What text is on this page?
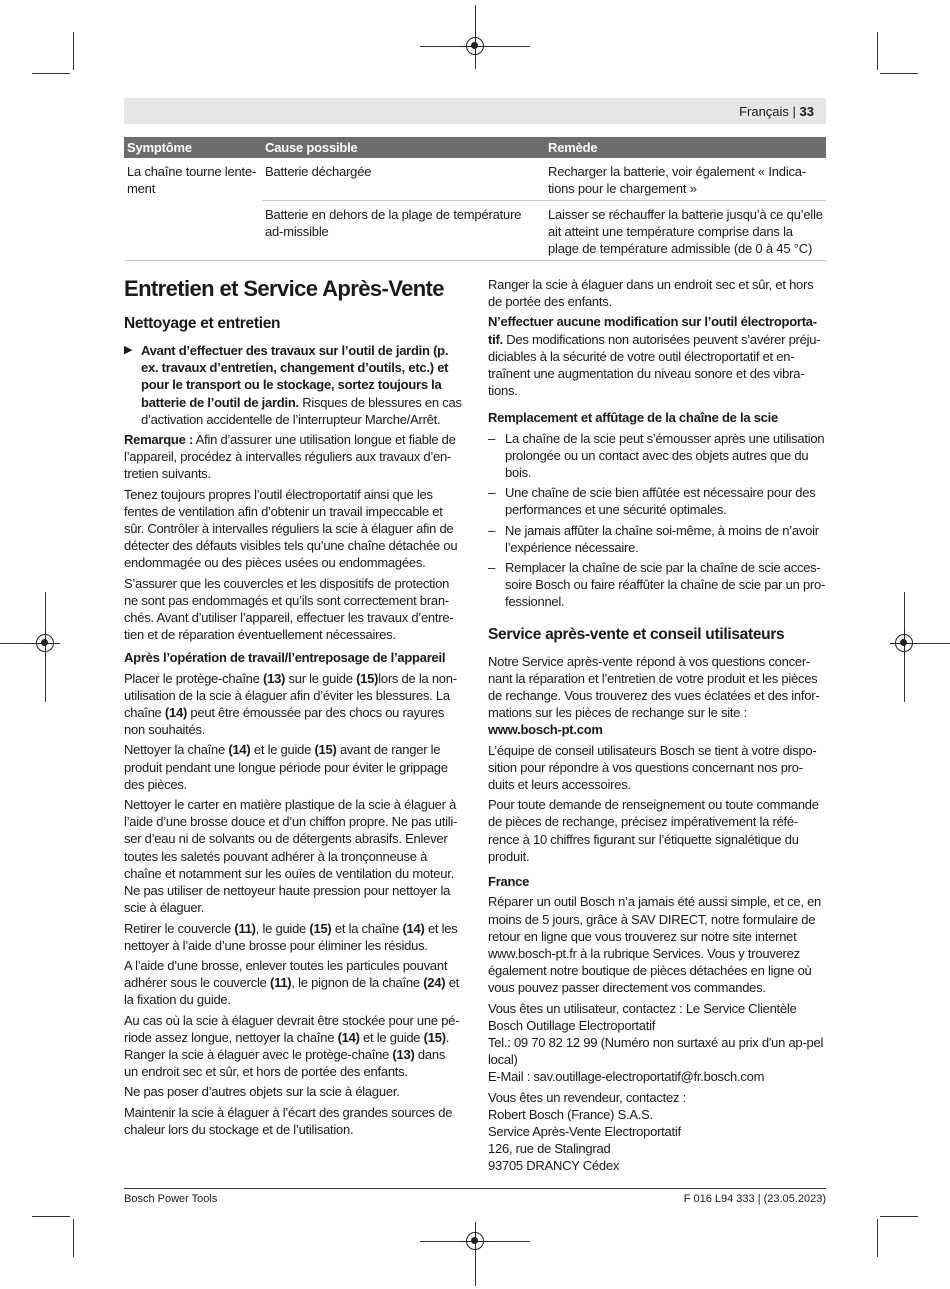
Français | 33
Symptôme	Cause possible	Remède
La chaîne tourne lente-ment	Batterie déchargée	Recharger la batterie, voir également « Indica-tions pour le chargement »
	Batterie en dehors de la plage de température ad-missible	Laisser se réchauffer la batterie jusqu’à ce qu’elle ait atteint une température comprise dans la plage de température admissible (de 0 à 45 °C)
Entretien et Service Après-Vente
Nettoyage et entretien
▶ Avant d’effectuer des travaux sur l’outil de jardin (p. ex. travaux d’entretien, changement d’outils, etc.) et pour le transport ou le stockage, sortez toujours la batterie de l’outil de jardin. Risques de blessures en cas d’activation accidentelle de l’interrupteur Marche/Arrêt.

Remarque : Afin d’assurer une utilisation longue et fiable de l’appareil, procédez à intervalles réguliers aux travaux d’en-tretien suivants.

Tenez toujours propres l’outil électroportatif ainsi que les fentes de ventilation afin d’obtenir un travail impeccable et sûr. Contrôler à intervalles réguliers la scie à élaguer afin de détecter des défauts visibles tels qu’une chaîne détachée ou endommagée ou des pièces usées ou endommagées.

S’assurer que les couvercles et les dispositifs de protection ne sont pas endommagés et qu’ils sont correctement bran-chés. Avant d’utiliser l’appareil, effectuer les travaux d’entre-tien et de réparation éventuellement nécessaires.

Après l’opération de travail/l’entreposage de l’appareil

Placer le protège-chaîne (13) sur le guide (15)lors de la non-utilisation de la scie à élaguer afin d’éviter les blessures. La chaîne (14) peut être émoussée par des chocs ou rayures non souhaités.

Nettoyer la chaîne (14) et le guide (15) avant de ranger le produit pendant une longue période pour éviter le grippage des pièces.

Nettoyer le carter en matière plastique de la scie à élaguer à l’aide d’une brosse douce et d’un chiffon propre. Ne pas utili-ser d’eau ni de solvants ou de détergents abrasifs. Enlever toutes les saletés pouvant adhérer à la tronçonneuse à chaîne et notamment sur les ouïes de ventilation du moteur. Ne pas utiliser de nettoyeur haute pression pour nettoyer la scie à élaguer.

Retirer le couvercle (11), le guide (15) et la chaîne (14) et les nettoyer à l’aide d’une brosse pour éliminer les résidus.

A l’aide d’une brosse, enlever toutes les particules pouvant adhérer sous le couvercle (11), le pignon de la chaîne (24) et la fixation du guide.

Au cas où la scie à élaguer devrait être stockée pour une pé-riode assez longue, nettoyer la chaîne (14) et le guide (15). Ranger la scie à élaguer avec le protège-chaîne (13) dans un endroit sec et sûr, et hors de portée des enfants.

Ne pas poser d’autres objets sur la scie à élaguer.

Maintenir la scie à élaguer à l’écart des grandes sources de chaleur lors du stockage et de l’utilisation.

Ranger la scie à élaguer dans un endroit sec et sûr, et hors de portée des enfants.

N’effectuer aucune modification sur l’outil électroporta-tif. Des modifications non autorisées peuvent s’avérer préju-diciables à la sécurité de votre outil électroportatif et en-traînent une augmentation du niveau sonore et des vibra-tions.

Remplacement et affûtage de la chaîne de la scie
– La chaîne de la scie peut s’émousser après une utilisation prolongée ou un contact avec des objets autres que du bois.
– Une chaîne de scie bien affûtée est nécessaire pour des performances et une sécurité optimales.
– Ne jamais affûter la chaîne soi-même, à moins de n’avoir l’expérience nécessaire.
– Remplacer la chaîne de scie par la chaîne de scie acces-soire Bosch ou faire réaffûter la chaîne de scie par un pro-fessionnel.
Service après-vente et conseil utilisateurs

Notre Service après-vente répond à vos questions concer-nant la réparation et l’entretien de votre produit et les pièces de rechange. Vous trouverez des vues éclatées et des infor-mations sur les pièces de rechange sur le site :

www.bosch-pt.com

L’équipe de conseil utilisateurs Bosch se tient à votre dispo-sition pour répondre à vos questions concernant nos pro-duits et leurs accessoires.

Pour toute demande de renseignement ou toute commande de pièces de rechange, précisez impérativement la réfé-rence à 10 chiffres figurant sur l’étiquette signalétique du produit.

France

Réparer un outil Bosch n’a jamais été aussi simple, et ce, en moins de 5 jours, grâce à SAV DIRECT, notre formulaire de retour en ligne que vous trouverez sur notre site internet www.bosch-pt.fr à la rubrique Services. Vous y trouverez également notre boutique de pièces détachées en ligne où vous pouvez passer directement vos commandes.

Vous êtes un utilisateur, contactez : Le Service Clientèle
Bosch Outillage Electroportatif
Tel.: 09 70 82 12 99 (Numéro non surtaxé au prix d'un ap-pel local)
E-Mail : sav.outillage-electroportatif@fr.bosch.com

Vous êtes un revendeur, contactez :
Robert Bosch (France) S.A.S.
Service Après-Vente Electroportatif
126, rue de Stalingrad
93705 DRANCY Cédex

Bosch Power Tools	F 016 L94 333 | (23.05.2023)
